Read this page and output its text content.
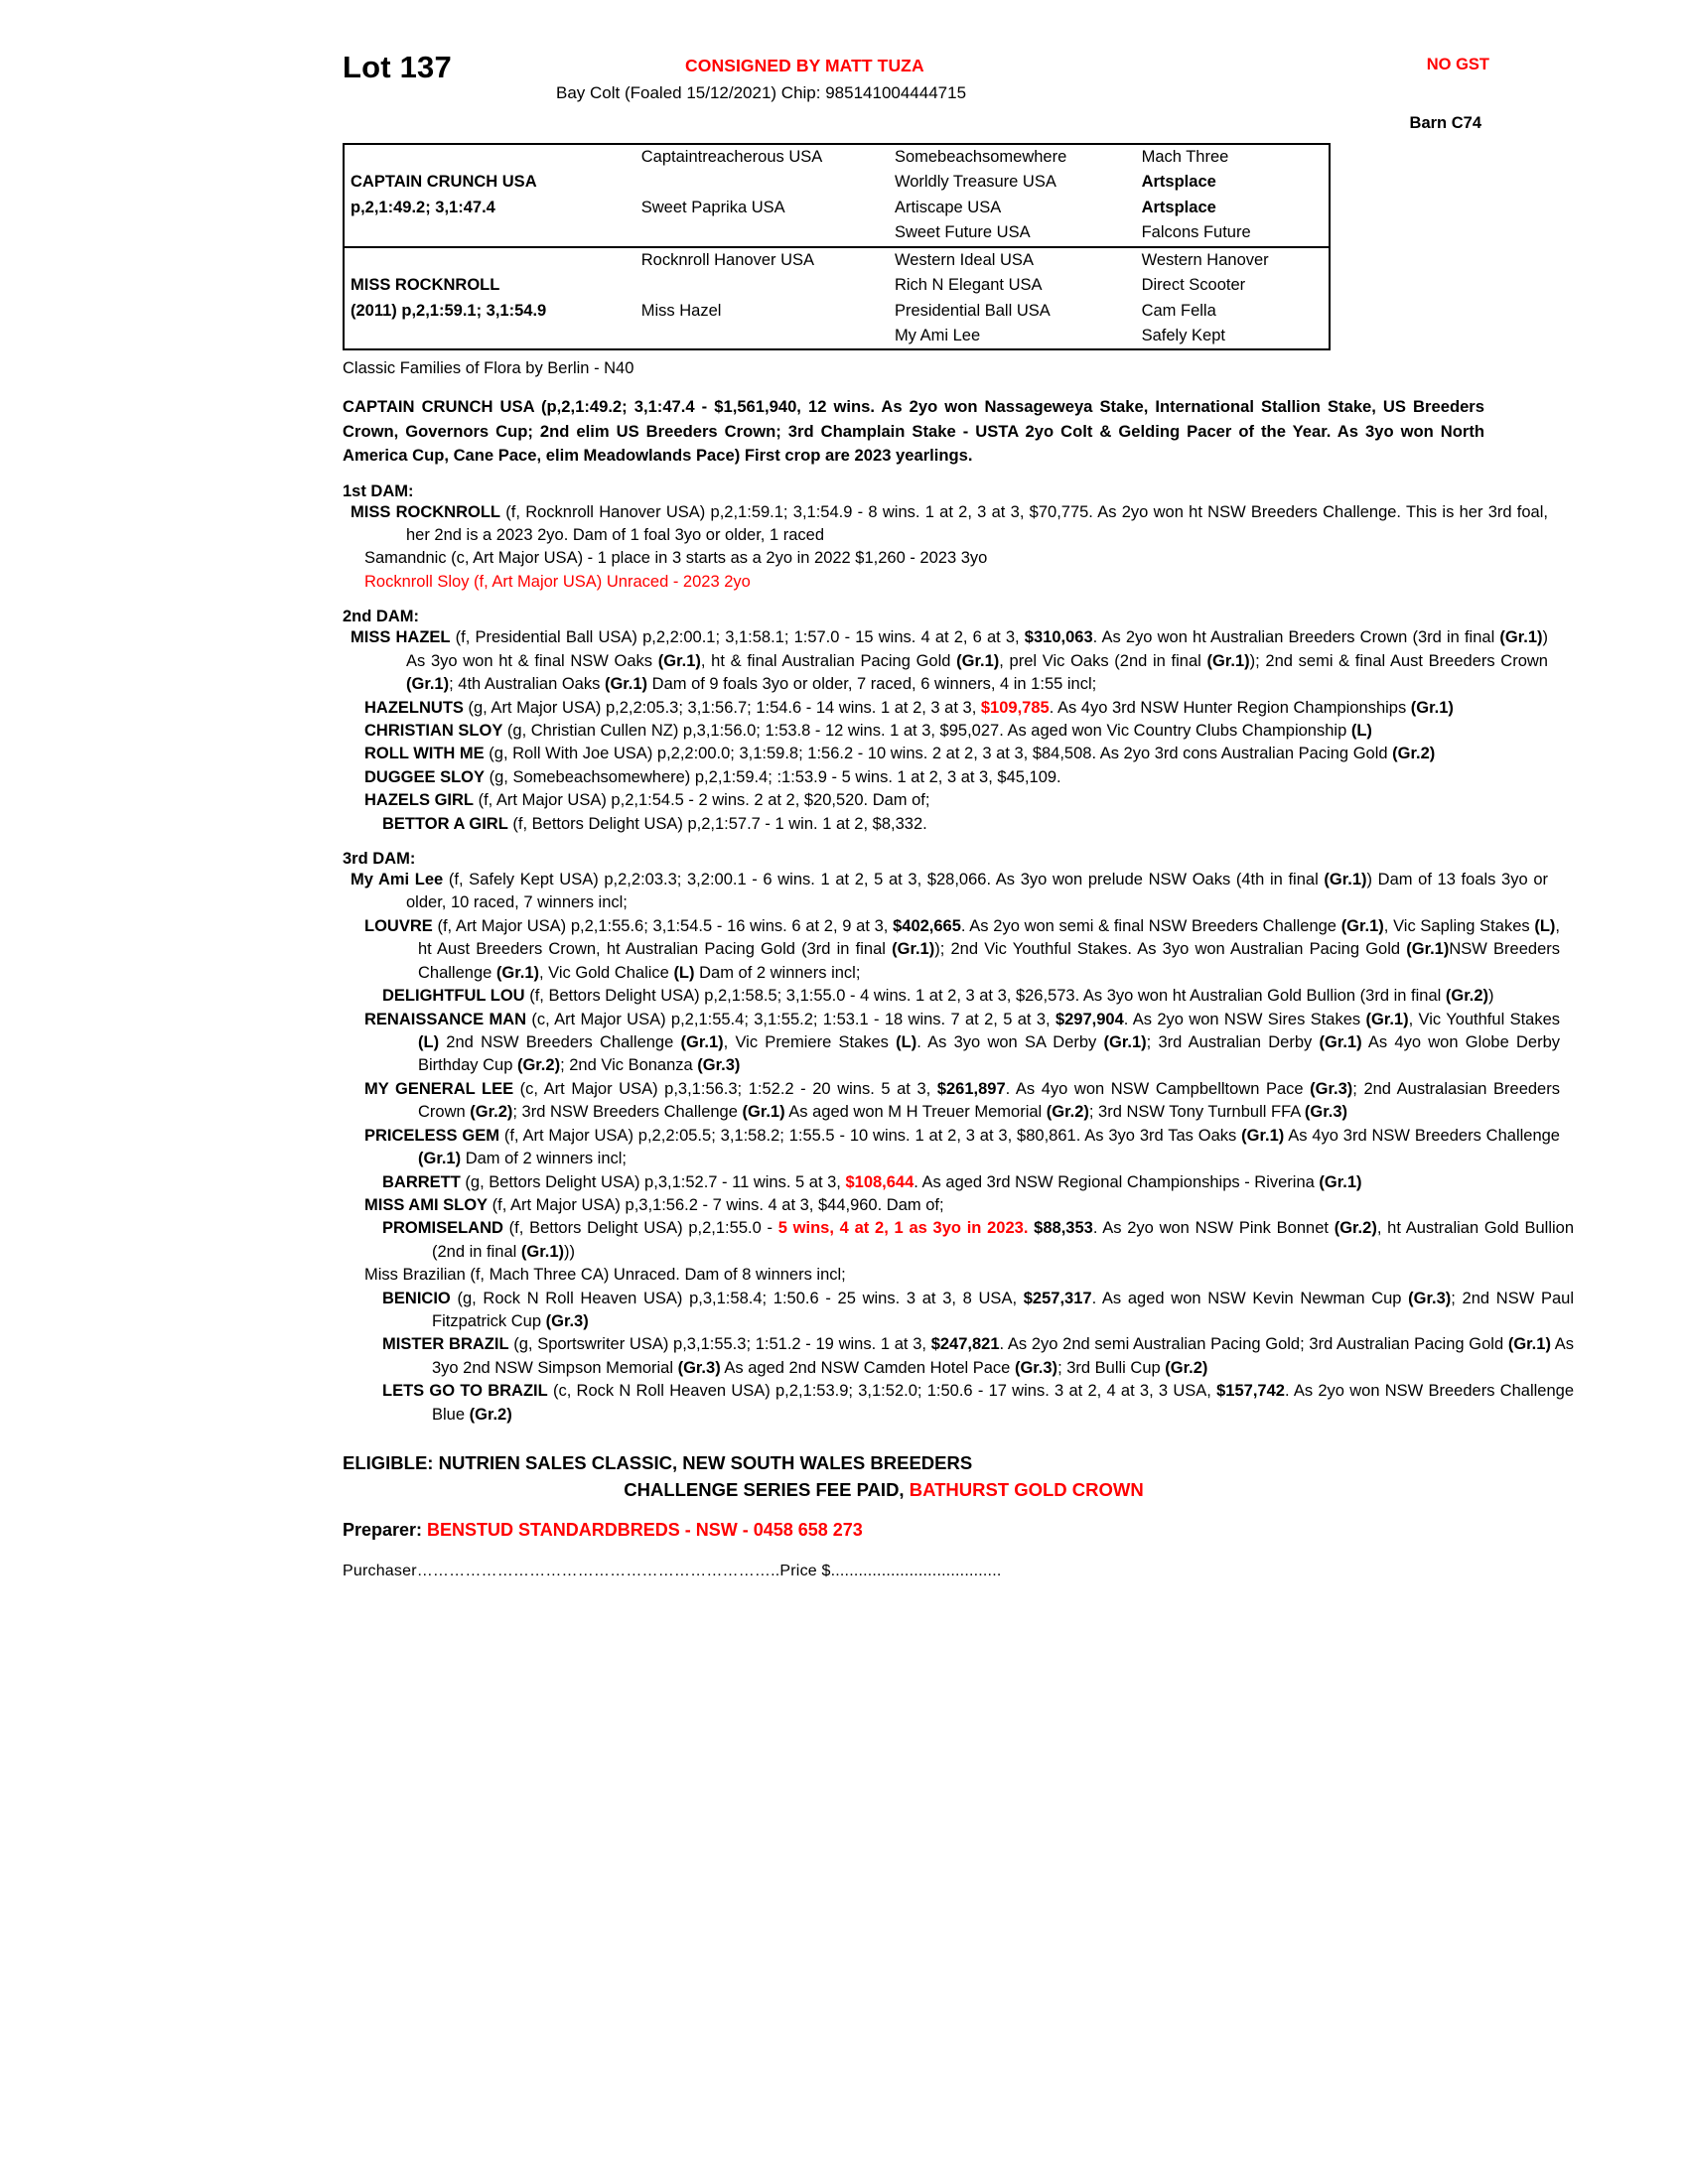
Lot 137	CONSIGNED BY MATT TUZA	NO GST
Bay Colt (Foaled 15/12/2021) Chip: 985141004444715
Barn C74
	Captaintreacherous USA	Somebeachsomewhere	Mach Three
CAPTAIN CRUNCH USA		Worldly Treasure USA	Artsplace
p,2,1:49.2; 3,1:47.4	Sweet Paprika USA	Artiscape USA	Artsplace
		Sweet Future USA	Falcons Future
	Rocknroll Hanover USA	Western Ideal USA	Western Hanover
MISS ROCKNROLL		Rich N Elegant USA	Direct Scooter
(2011) p,2,1:59.1; 3,1:54.9	Miss Hazel	Presidential Ball USA	Cam Fella
		My Ami Lee	Safely Kept
Classic Families of Flora by Berlin - N40
CAPTAIN CRUNCH USA (p,2,1:49.2; 3,1:47.4 - $1,561,940, 12 wins. As 2yo won Nassageweya Stake, International Stallion Stake, US Breeders Crown, Governors Cup; 2nd elim US Breeders Crown; 3rd Champlain Stake - USTA 2yo Colt & Gelding Pacer of the Year. As 3yo won North America Cup, Cane Pace, elim Meadowlands Pace) First crop are 2023 yearlings.
1st DAM:
MISS ROCKNROLL (f, Rocknroll Hanover USA) p,2,1:59.1; 3,1:54.9 - 8 wins. 1 at 2, 3 at 3, $70,775. As 2yo won ht NSW Breeders Challenge. This is her 3rd foal, her 2nd is a 2023 2yo. Dam of 1 foal 3yo or older, 1 raced
Samandnic (c, Art Major USA) - 1 place in 3 starts as a 2yo in 2022 $1,260 - 2023 3yo
Rocknroll Sloy (f, Art Major USA) Unraced - 2023 2yo
2nd DAM:
MISS HAZEL (f, Presidential Ball USA) p,2,2:00.1; 3,1:58.1; 1:57.0 - 15 wins. 4 at 2, 6 at 3, $310,063. As 2yo won ht Australian Breeders Crown (3rd in final (Gr.1)) As 3yo won ht & final NSW Oaks (Gr.1), ht & final Australian Pacing Gold (Gr.1), prel Vic Oaks (2nd in final (Gr.1)); 2nd semi & final Aust Breeders Crown (Gr.1); 4th Australian Oaks (Gr.1) Dam of 9 foals 3yo or older, 7 raced, 6 winners, 4 in 1:55 incl;
HAZELNUTS (g, Art Major USA) p,2,2:05.3; 3,1:56.7; 1:54.6 - 14 wins. 1 at 2, 3 at 3, $109,785. As 4yo 3rd NSW Hunter Region Championships (Gr.1)
CHRISTIAN SLOY (g, Christian Cullen NZ) p,3,1:56.0; 1:53.8 - 12 wins. 1 at 3, $95,027. As aged won Vic Country Clubs Championship (L)
ROLL WITH ME (g, Roll With Joe USA) p,2,2:00.0; 3,1:59.8; 1:56.2 - 10 wins. 2 at 2, 3 at 3, $84,508. As 2yo 3rd cons Australian Pacing Gold (Gr.2)
DUGGEE SLOY (g, Somebeachsomewhere) p,2,1:59.4; :1:53.9 - 5 wins. 1 at 2, 3 at 3, $45,109.
HAZELS GIRL (f, Art Major USA) p,2,1:54.5 - 2 wins. 2 at 2, $20,520. Dam of;
BETTOR A GIRL (f, Bettors Delight USA) p,2,1:57.7 - 1 win. 1 at 2, $8,332.
3rd DAM:
My Ami Lee (f, Safely Kept USA) p,2,2:03.3; 3,2:00.1 - 6 wins. 1 at 2, 5 at 3, $28,066. As 3yo won prelude NSW Oaks (4th in final (Gr.1)) Dam of 13 foals 3yo or older, 10 raced, 7 winners incl;
LOUVRE (f, Art Major USA) p,2,1:55.6; 3,1:54.5 - 16 wins. 6 at 2, 9 at 3, $402,665. As 2yo won semi & final NSW Breeders Challenge (Gr.1), Vic Sapling Stakes (L), ht Aust Breeders Crown, ht Australian Pacing Gold (3rd in final (Gr.1)); 2nd Vic Youthful Stakes. As 3yo won Australian Pacing Gold (Gr.1)NSW Breeders Challenge (Gr.1), Vic Gold Chalice (L) Dam of 2 winners incl;
DELIGHTFUL LOU (f, Bettors Delight USA) p,2,1:58.5; 3,1:55.0 - 4 wins. 1 at 2, 3 at 3, $26,573. As 3yo won ht Australian Gold Bullion (3rd in final (Gr.2))
RENAISSANCE MAN (c, Art Major USA) p,2,1:55.4; 3,1:55.2; 1:53.1 - 18 wins. 7 at 2, 5 at 3, $297,904. As 2yo won NSW Sires Stakes (Gr.1), Vic Youthful Stakes (L) 2nd NSW Breeders Challenge (Gr.1), Vic Premiere Stakes (L). As 3yo won SA Derby (Gr.1); 3rd Australian Derby (Gr.1) As 4yo won Globe Derby Birthday Cup (Gr.2); 2nd Vic Bonanza (Gr.3)
MY GENERAL LEE (c, Art Major USA) p,3,1:56.3; 1:52.2 - 20 wins. 5 at 3, $261,897. As 4yo won NSW Campbelltown Pace (Gr.3); 2nd Australasian Breeders Crown (Gr.2); 3rd NSW Breeders Challenge (Gr.1) As aged won M H Treuer Memorial (Gr.2); 3rd NSW Tony Turnbull FFA (Gr.3)
PRICELESS GEM (f, Art Major USA) p,2,2:05.5; 3,1:58.2; 1:55.5 - 10 wins. 1 at 2, 3 at 3, $80,861. As 3yo 3rd Tas Oaks (Gr.1) As 4yo 3rd NSW Breeders Challenge (Gr.1) Dam of 2 winners incl;
BARRETT (g, Bettors Delight USA) p,3,1:52.7 - 11 wins. 5 at 3, $108,644. As aged 3rd NSW Regional Championships - Riverina (Gr.1)
MISS AMI SLOY (f, Art Major USA) p,3,1:56.2 - 7 wins. 4 at 3, $44,960. Dam of;
PROMISELAND (f, Bettors Delight USA) p,2,1:55.0 - 5 wins, 4 at 2, 1 as 3yo in 2023. $88,353. As 2yo won NSW Pink Bonnet (Gr.2), ht Australian Gold Bullion (2nd in final (Gr.1)))
Miss Brazilian (f, Mach Three CA) Unraced. Dam of 8 winners incl;
BENICIO (g, Rock N Roll Heaven USA) p,3,1:58.4; 1:50.6 - 25 wins. 3 at 3, 8 USA, $257,317. As aged won NSW Kevin Newman Cup (Gr.3); 2nd NSW Paul Fitzpatrick Cup (Gr.3)
MISTER BRAZIL (g, Sportswriter USA) p,3,1:55.3; 1:51.2 - 19 wins. 1 at 3, $247,821. As 2yo 2nd semi Australian Pacing Gold; 3rd Australian Pacing Gold (Gr.1) As 3yo 2nd NSW Simpson Memorial (Gr.3) As aged 2nd NSW Camden Hotel Pace (Gr.3); 3rd Bulli Cup (Gr.2)
LETS GO TO BRAZIL (c, Rock N Roll Heaven USA) p,2,1:53.9; 3,1:52.0; 1:50.6 - 17 wins. 3 at 2, 4 at 3, 3 USA, $157,742. As 2yo won NSW Breeders Challenge Blue (Gr.2)
ELIGIBLE: NUTRIEN SALES CLASSIC, NEW SOUTH WALES BREEDERS
CHALLENGE SERIES FEE PAID, BATHURST GOLD CROWN
Preparer: BENSTUD STANDARDBREDS - NSW - 0458 658 273
Purchaser…………………………………………………………..Price $.....................................
